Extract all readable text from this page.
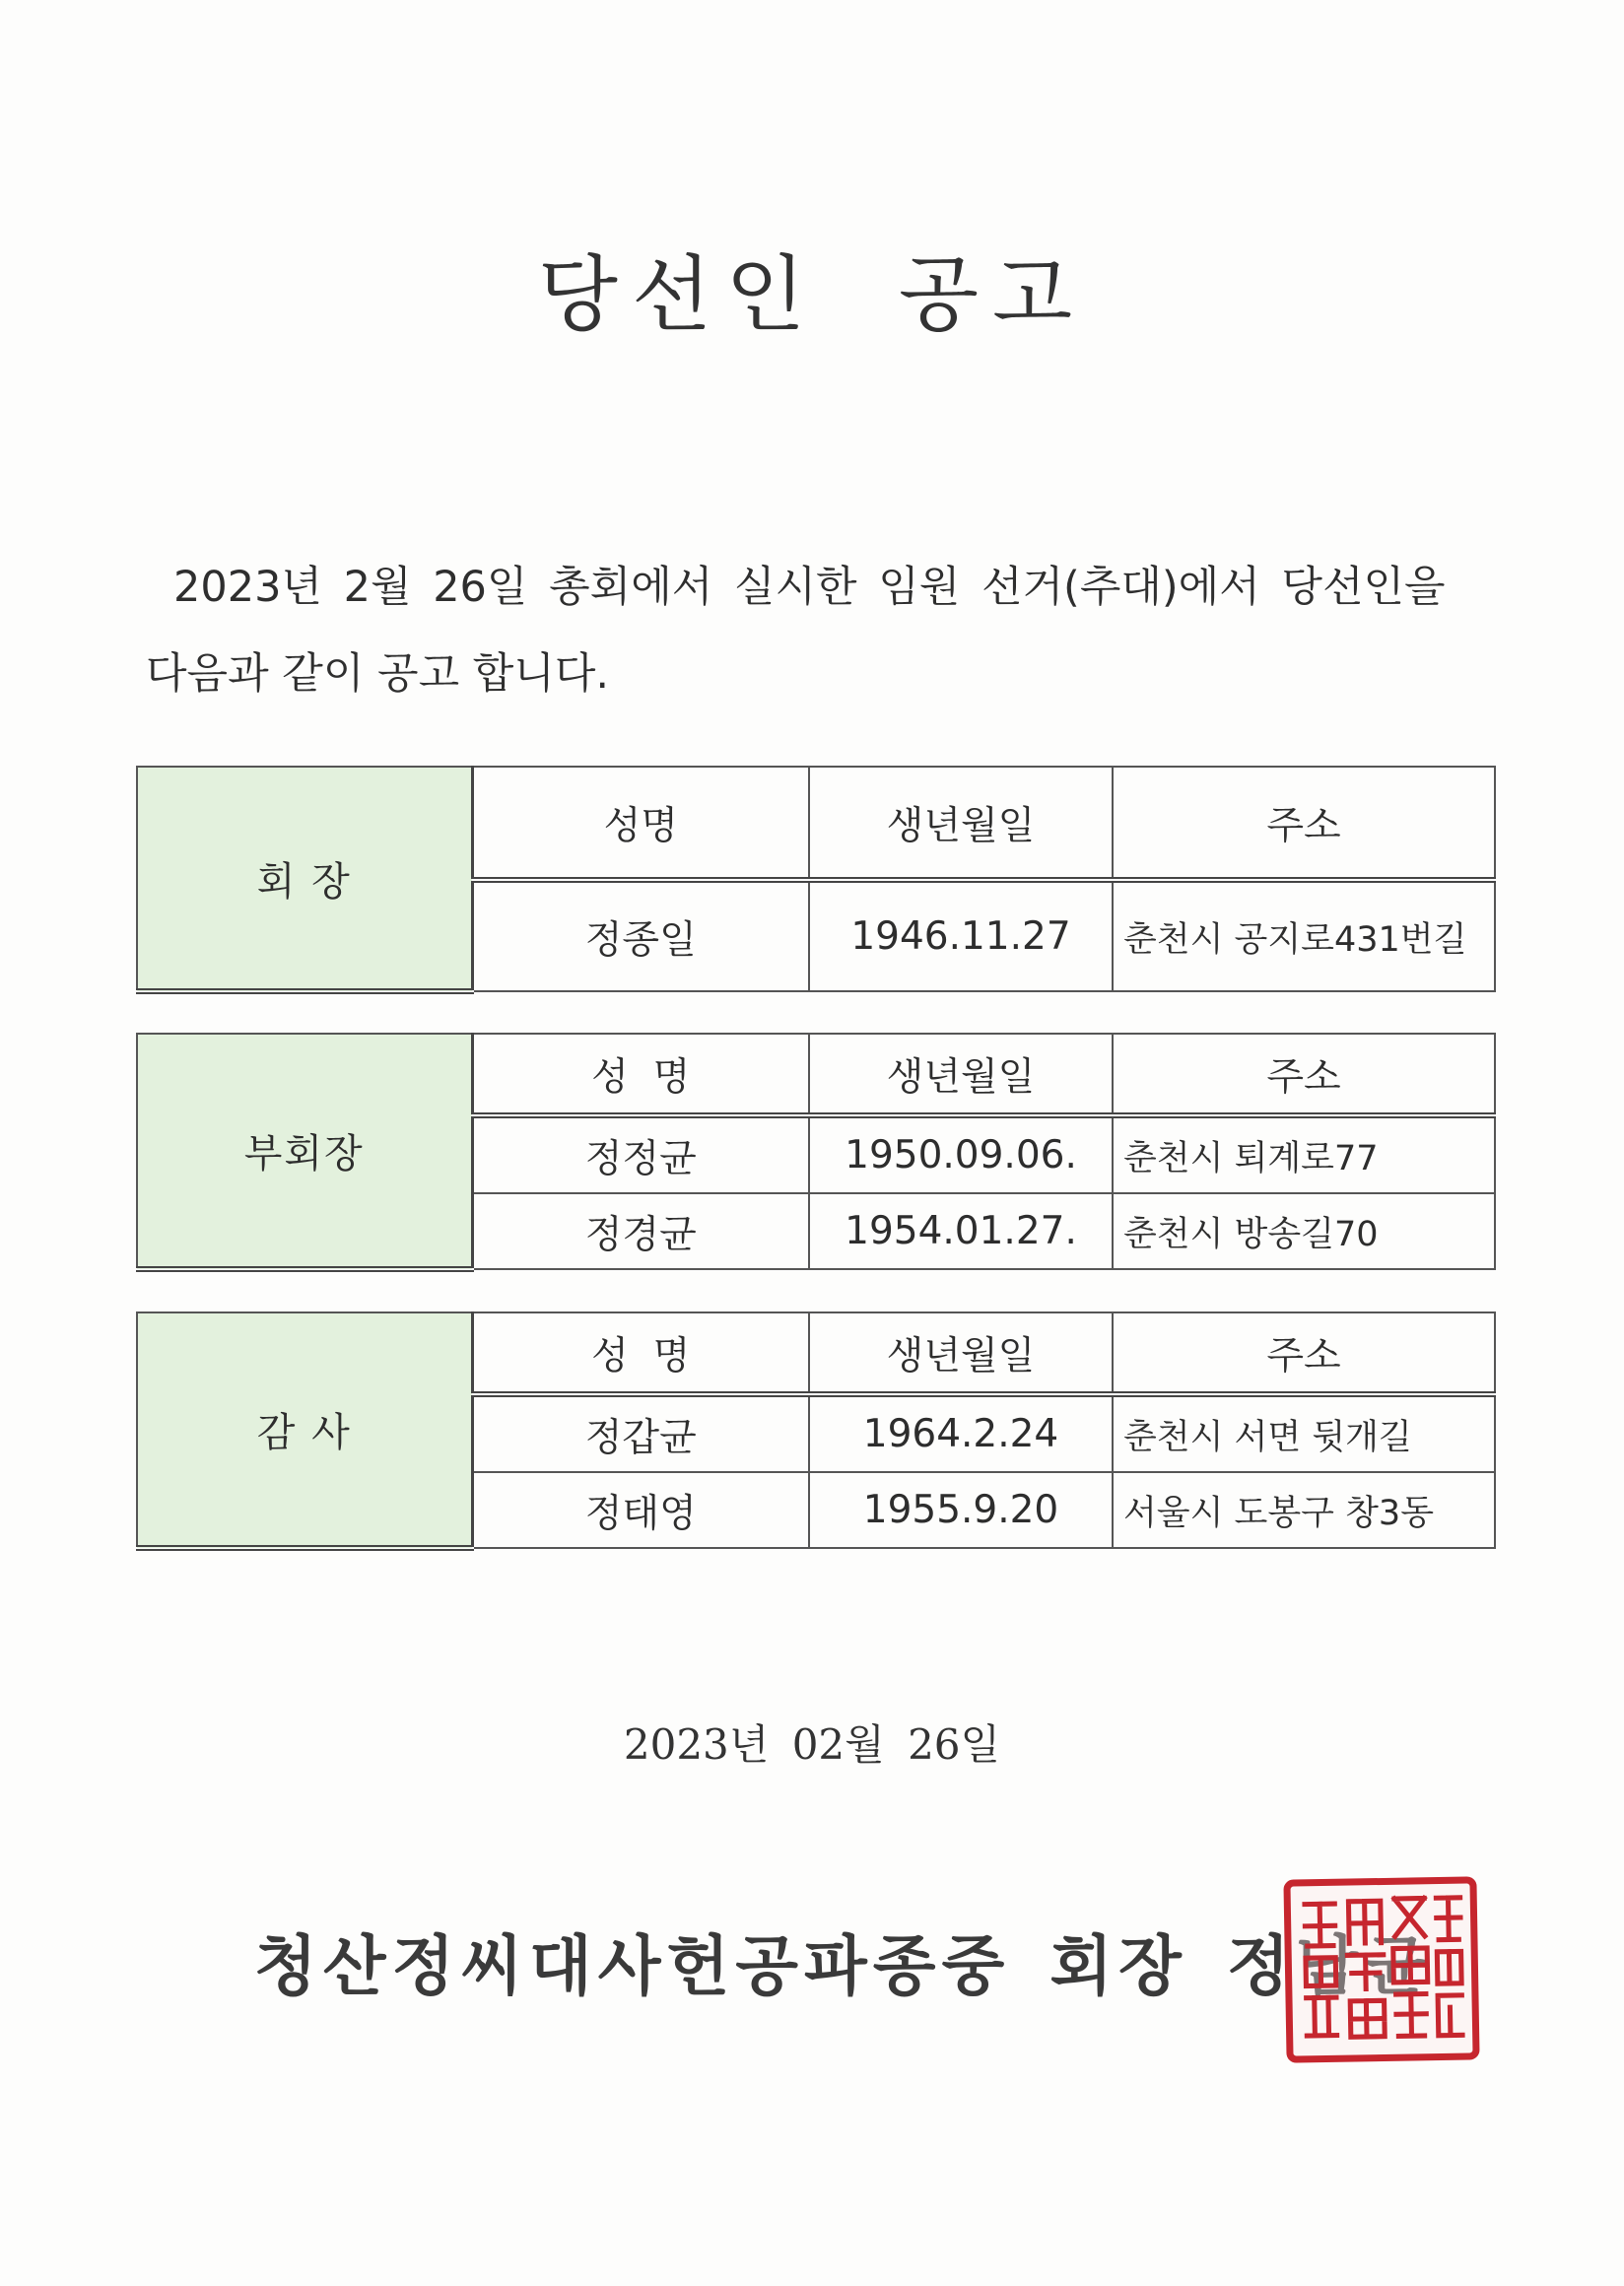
당선인 공고
2023년 2월 26일 총회에서 실시한 임원 선거(추대)에서 당선인을
다음과 같이 공고 합니다.
회 장	성명	생년월일	주소
	정종일	1946.11.27	춘천시 공지로431번길
부회장	성  명	생년월일	주소
	정정균	1950.09.06.	춘천시 퇴계로77
	정경균	1954.01.27.	춘천시 방송길70
감 사	성  명	생년월일	주소
	정갑균	1964.2.24	춘천시 서면 뒷개길
	정태영	1955.9.20	서울시 도봉구 창3동
2023년 02월 26일
청산정씨대사헌공파종중 회장 정남균
